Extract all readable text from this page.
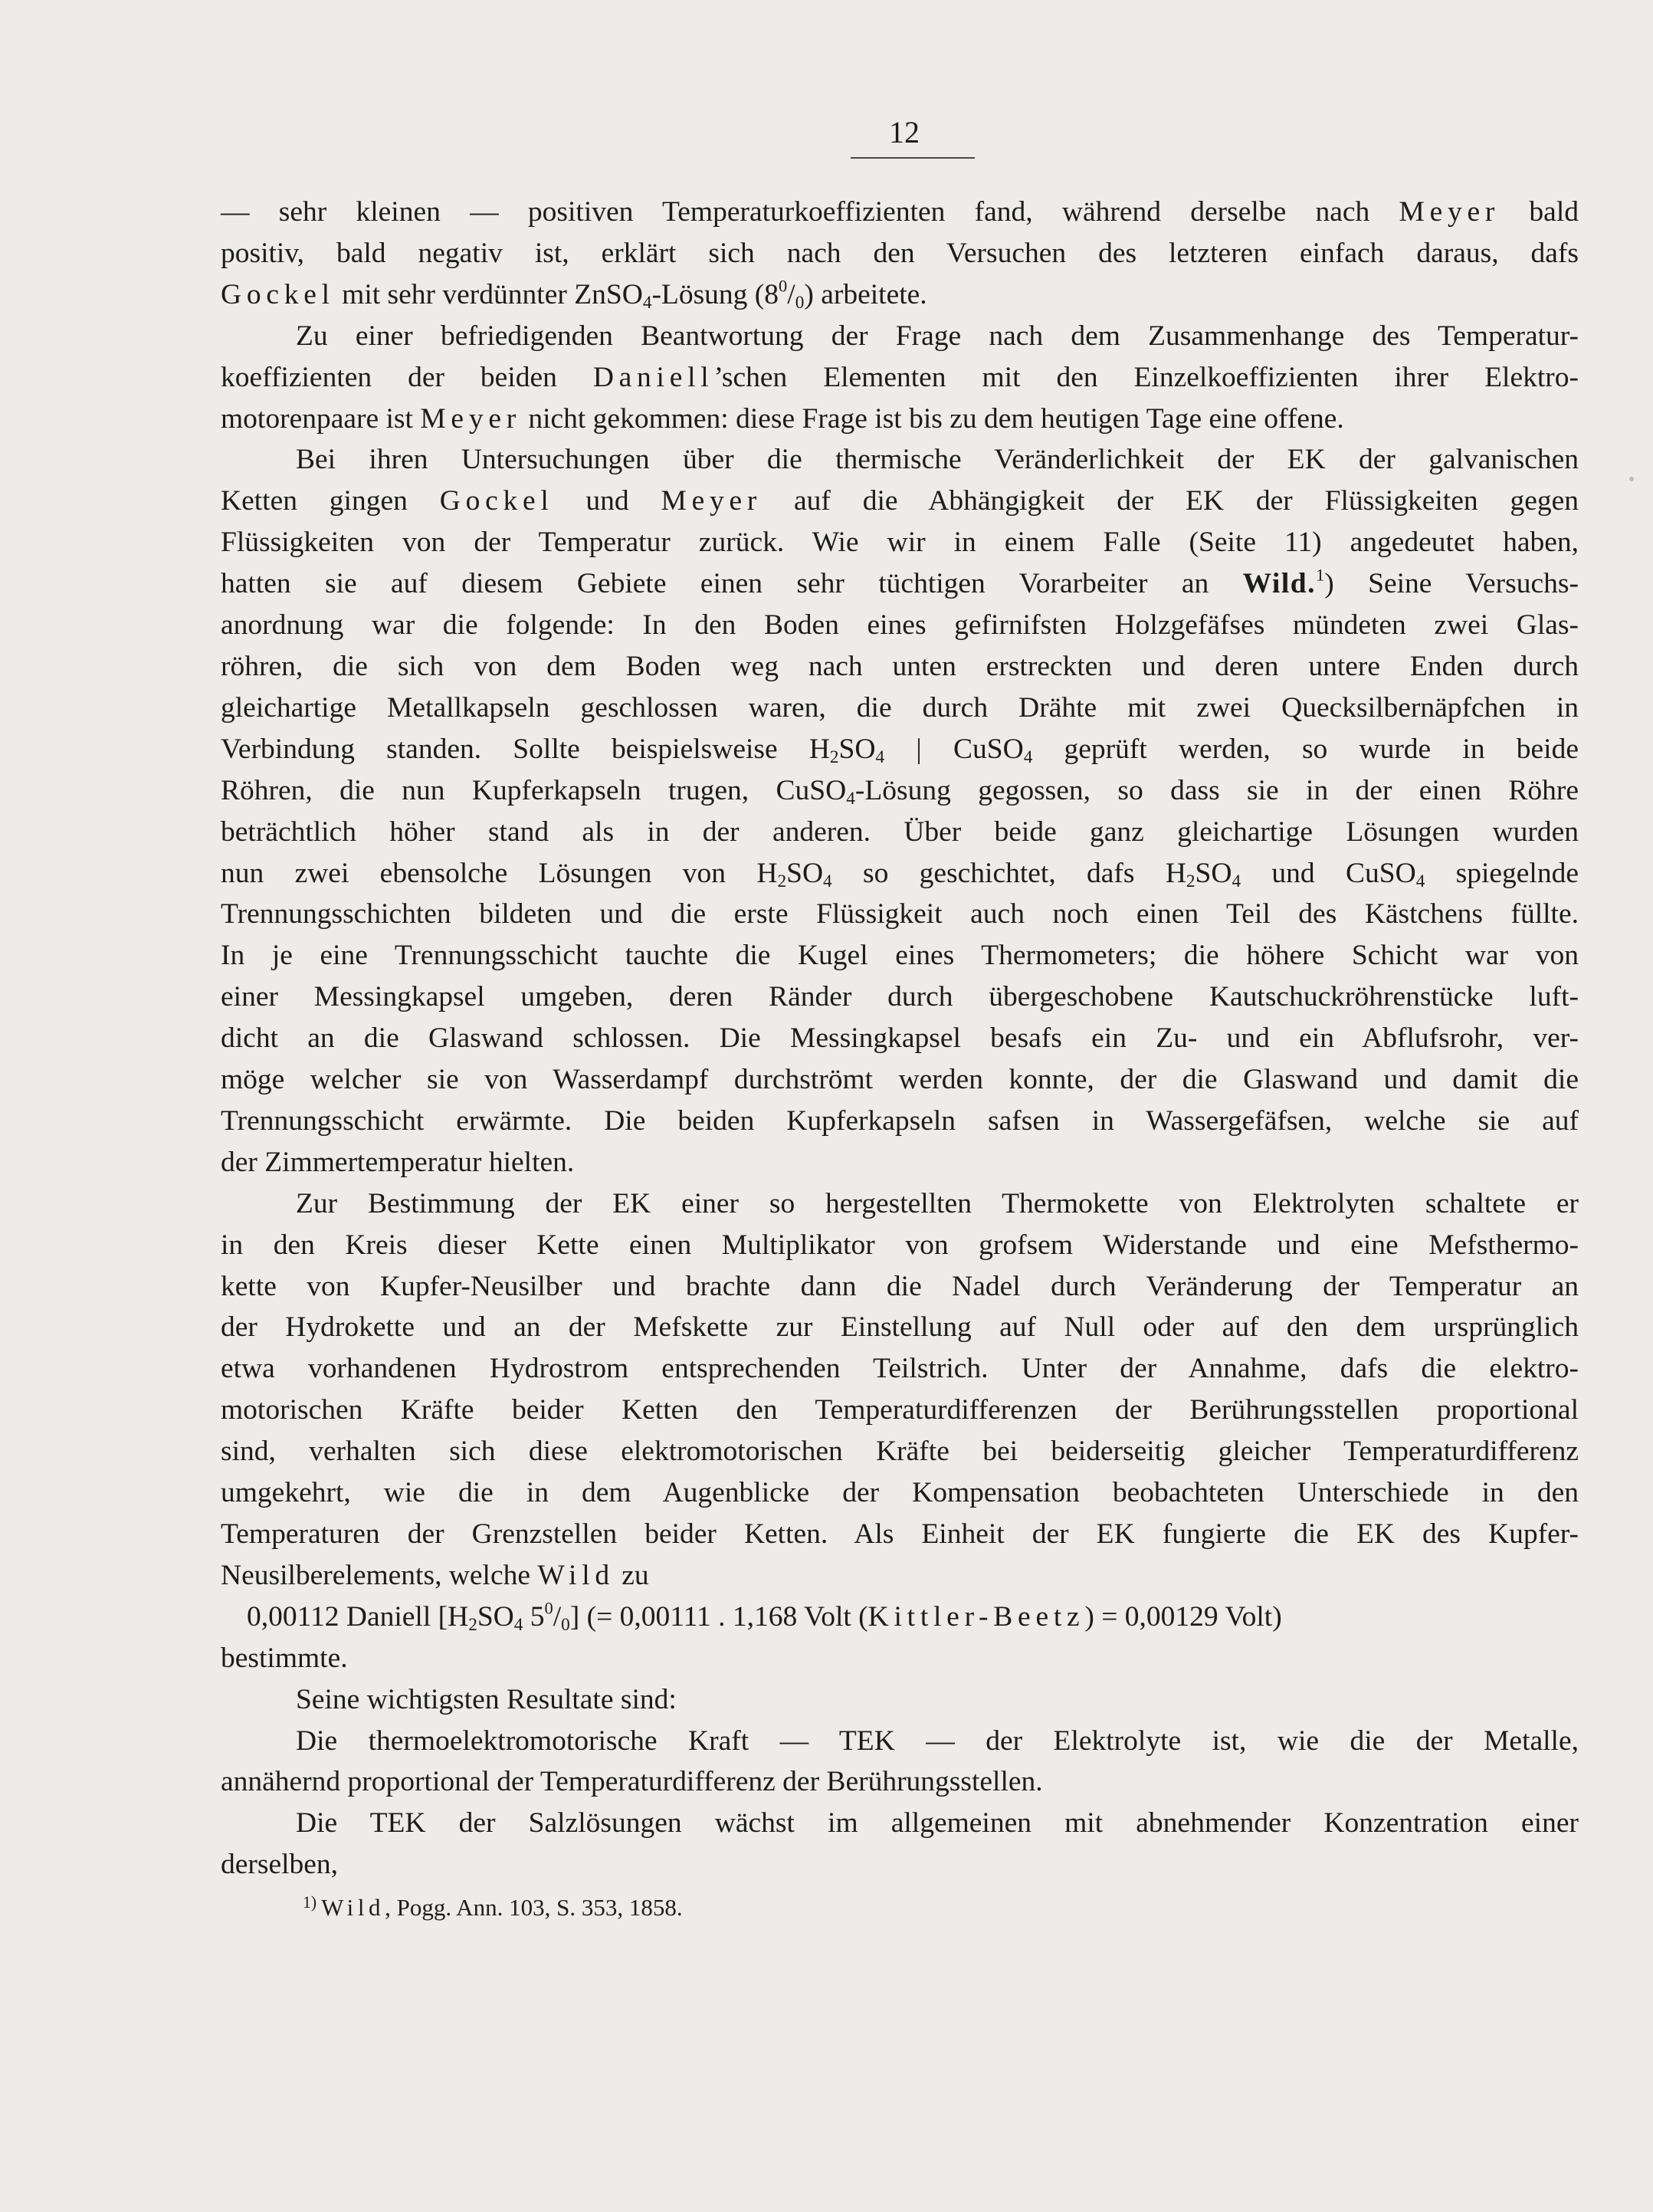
12

— sehr kleinen — positiven Temperaturkoeffizienten fand, während derselbe nach Meyer bald

positiv, bald negativ ist, erklärt sich nach den Versuchen des letzteren einfach daraus, dafs

Gockel mit sehr verdünnter ZnSO$_4$-Lösung $(8^0/_0)$ arbeitete.

Zu einer befriedigenden Beantwortung der Frage nach dem Zusammenhange des Temperatur-

koeffizienten der beiden Daniell’schen Elementen mit den Einzelkoeffizienten ihrer Elektro-

motorenpaare ist Meyer nicht gekommen: diese Frage ist bis zu dem heutigen Tage eine offene.

Bei ihren Untersuchungen über die thermische Veränderlichkeit der EK der galvanischen

Ketten gingen Gockel und Meyer auf die Abhängigkeit der EK der Flüssigkeiten gegen

Flüssigkeiten von der Temperatur zurück. Wie wir in einem Falle (Seite 11) angedeutet haben,

hatten sie auf diesem Gebiete einen sehr tüchtigen Vorarbeiter an Wild.$^1$) Seine Versuchs-

anordnung war die folgende: In den Boden eines gefirnifsten Holzgefäfses mündeten zwei Glas-

röhren, die sich von dem Boden weg nach unten erstreckten und deren untere Enden durch

gleichartige Metallkapseln geschlossen waren, die durch Drähte mit zwei Quecksilbernäpfchen in

Verbindung standen. Sollte beispielsweise $H_2SO_4$ | CuSO$_4$ geprüft werden, so wurde in beide

Röhren, die nun Kupferkapseln trugen, CuSO$_4$-Lösung gegossen, so dass sie in der einen Röhre

beträchtlich höher stand als in der anderen. Über beide ganz gleichartige Lösungen wurden

nun zwei ebensolche Lösungen von $H_2SO_4$ so geschichtet, dafs $H_2SO_4$ und CuSO$_4$ spiegelnde

Trennungsschichten bildeten und die erste Flüssigkeit auch noch einen Teil des Kästchens füllte.

In je eine Trennungsschicht tauchte die Kugel eines Thermometers; die höhere Schicht war von

einer Messingkapsel umgeben, deren Ränder durch übergeschobene Kautschuckröhrenstücke luft-

dicht an die Glaswand schlossen. Die Messingkapsel besafs ein Zu- und ein Abflufsrohr, ver-

möge welcher sie von Wasserdampf durchströmt werden konnte, der die Glaswand und damit die

Trennungsschicht erwärmte. Die beiden Kupferkapseln safsen in Wassergefäfsen, welche sie auf

der Zimmertemperatur hielten.

Zur Bestimmung der EK einer so hergestellten Thermokette von Elektrolyten schaltete er

in den Kreis dieser Kette einen Multiplikator von grofsem Widerstande und eine Mefsthermo-

kette von Kupfer-Neusilber und brachte dann die Nadel durch Veränderung der Temperatur an

der Hydrokette und an der Mefskette zur Einstellung auf Null oder auf den dem ursprünglich

etwa vorhandenen Hydrostrom entsprechenden Teilstrich. Unter der Annahme, dafs die elektro-

motorischen Kräfte beider Ketten den Temperaturdifferenzen der Berührungsstellen proportional

sind, verhalten sich diese elektromotorischen Kräfte bei beiderseitig gleicher Temperaturdifferenz

umgekehrt, wie die in dem Augenblicke der Kompensation beobachteten Unterschiede in den

Temperaturen der Grenzstellen beider Ketten. Als Einheit der EK fungierte die EK des Kupfer-

Neusilberelements, welche Wild zu

0,00112 Daniell [$H_2SO_4$ $5^0/_0$] (= 0,00111 . 1,168 Volt (Kittler-Beetz) = 0,00129 Volt)

bestimmte.

Seine wichtigsten Resultate sind:

Die thermoelektromotorische Kraft — TEK — der Elektrolyte ist, wie die der Metalle,

annähernd proportional der Temperaturdifferenz der Berührungsstellen.

Die TEK der Salzlösungen wächst im allgemeinen mit abnehmender Konzentration einer

derselben,

$^{1)}$ Wild, Pogg. Ann. 103, S. 353, 1858.
